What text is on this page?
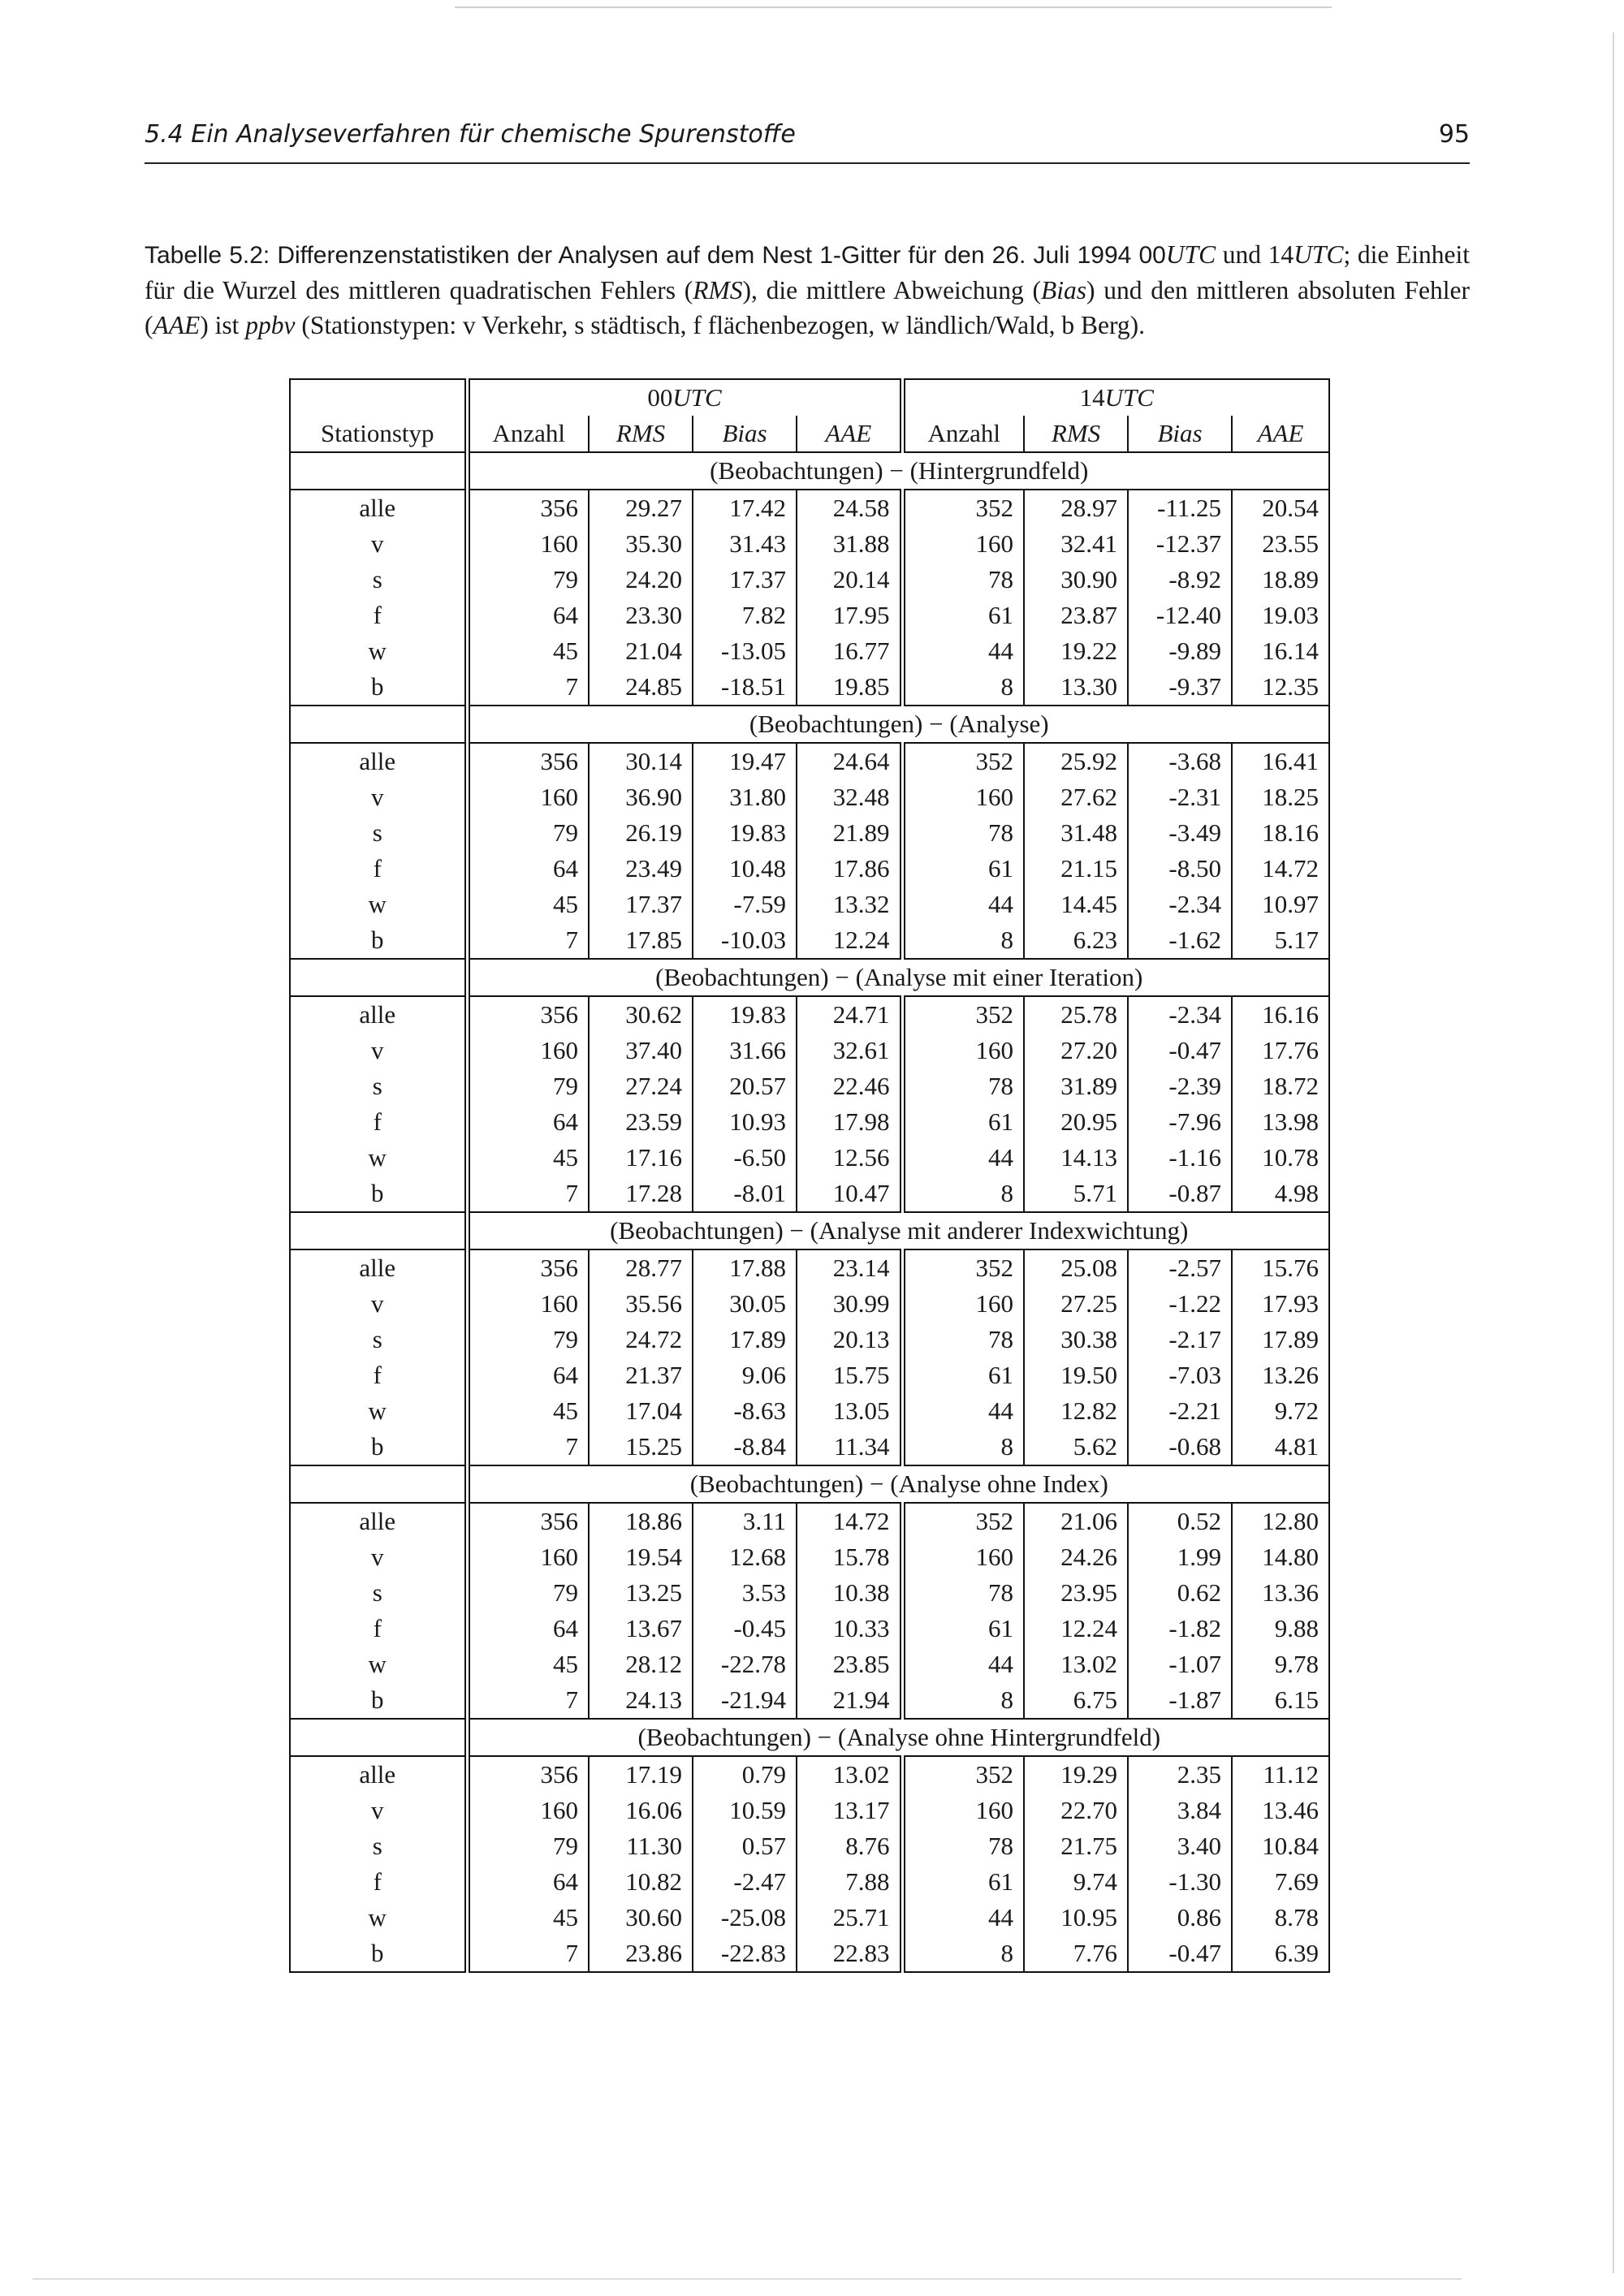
5.4 Ein Analyseverfahren für chemische Spurenstoffe	95
Tabelle 5.2: Differenzenstatistiken der Analysen auf dem Nest 1-Gitter für den 26. Juli 1994 00UTC und 14UTC; die Einheit für die Wurzel des mittleren quadratischen Fehlers (RMS), die mittlere Abweichung (Bias) und den mittleren absoluten Fehler (AAE) ist ppbv (Stationstypen: v Verkehr, s städtisch, f flächenbezogen, w ländlich/Wald, b Berg).
	00UTC				14UTC			
Stationstyp	Anzahl	RMS	Bias	AAE	Anzahl	RMS	Bias	AAE
	(Beobachtungen) − (Hintergrundfeld)							
alle	356	29.27	17.42	24.58	352	28.97	-11.25	20.54
v	160	35.30	31.43	31.88	160	32.41	-12.37	23.55
s	79	24.20	17.37	20.14	78	30.90	-8.92	18.89
f	64	23.30	7.82	17.95	61	23.87	-12.40	19.03
w	45	21.04	-13.05	16.77	44	19.22	-9.89	16.14
b	7	24.85	-18.51	19.85	8	13.30	-9.37	12.35
	(Beobachtungen) − (Analyse)							
alle	356	30.14	19.47	24.64	352	25.92	-3.68	16.41
v	160	36.90	31.80	32.48	160	27.62	-2.31	18.25
s	79	26.19	19.83	21.89	78	31.48	-3.49	18.16
f	64	23.49	10.48	17.86	61	21.15	-8.50	14.72
w	45	17.37	-7.59	13.32	44	14.45	-2.34	10.97
b	7	17.85	-10.03	12.24	8	6.23	-1.62	5.17
	(Beobachtungen) − (Analyse mit einer Iteration)							
alle	356	30.62	19.83	24.71	352	25.78	-2.34	16.16
v	160	37.40	31.66	32.61	160	27.20	-0.47	17.76
s	79	27.24	20.57	22.46	78	31.89	-2.39	18.72
f	64	23.59	10.93	17.98	61	20.95	-7.96	13.98
w	45	17.16	-6.50	12.56	44	14.13	-1.16	10.78
b	7	17.28	-8.01	10.47	8	5.71	-0.87	4.98
	(Beobachtungen) − (Analyse mit anderer Indexwichtung)							
alle	356	28.77	17.88	23.14	352	25.08	-2.57	15.76
v	160	35.56	30.05	30.99	160	27.25	-1.22	17.93
s	79	24.72	17.89	20.13	78	30.38	-2.17	17.89
f	64	21.37	9.06	15.75	61	19.50	-7.03	13.26
w	45	17.04	-8.63	13.05	44	12.82	-2.21	9.72
b	7	15.25	-8.84	11.34	8	5.62	-0.68	4.81
	(Beobachtungen) − (Analyse ohne Index)							
alle	356	18.86	3.11	14.72	352	21.06	0.52	12.80
v	160	19.54	12.68	15.78	160	24.26	1.99	14.80
s	79	13.25	3.53	10.38	78	23.95	0.62	13.36
f	64	13.67	-0.45	10.33	61	12.24	-1.82	9.88
w	45	28.12	-22.78	23.85	44	13.02	-1.07	9.78
b	7	24.13	-21.94	21.94	8	6.75	-1.87	6.15
	(Beobachtungen) − (Analyse ohne Hintergrundfeld)							
alle	356	17.19	0.79	13.02	352	19.29	2.35	11.12
v	160	16.06	10.59	13.17	160	22.70	3.84	13.46
s	79	11.30	0.57	8.76	78	21.75	3.40	10.84
f	64	10.82	-2.47	7.88	61	9.74	-1.30	7.69
w	45	30.60	-25.08	25.71	44	10.95	0.86	8.78
b	7	23.86	-22.83	22.83	8	7.76	-0.47	6.39
